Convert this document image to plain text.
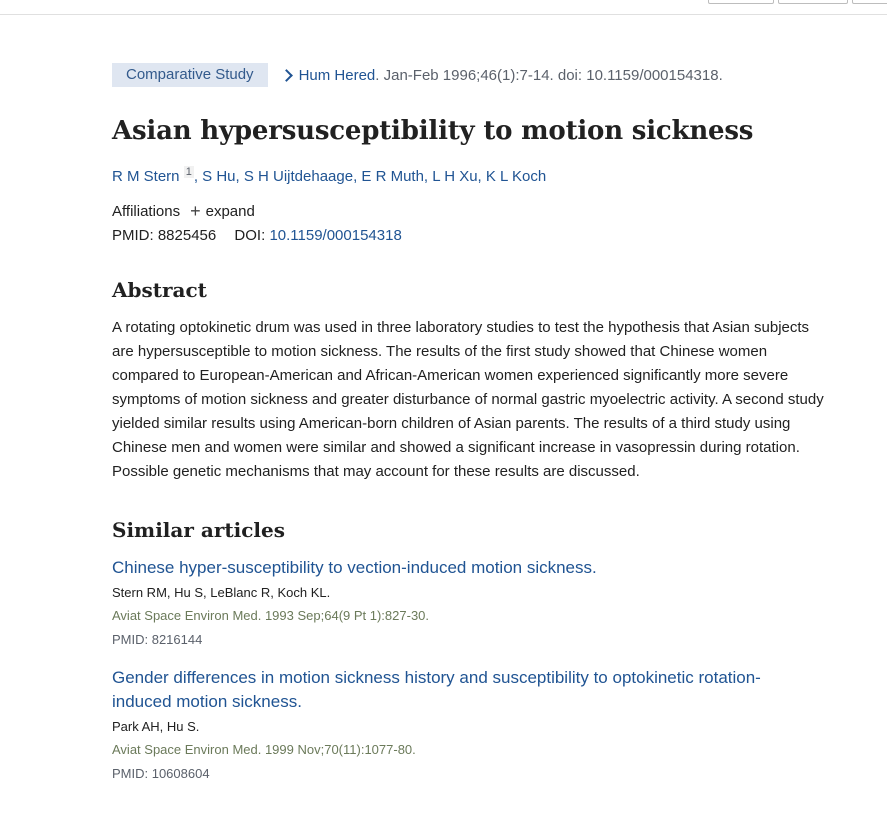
Comparative Study	Hum Hered . Jan-Feb 1996;46(1):7-14. doi: 10.1159/000154318.
Asian hypersusceptibility to motion sickness
R M Stern $^1$ , S Hu, S H Uijtdehaage, E R Muth, L H Xu, K L Koch
Affiliations + expand
PMID: 8825456 DOI: 10.1159/000154318
Abstract
A rotating optokinetic drum was used in three laboratory studies to test the hypothesis that Asian subjects are hypersusceptible to motion sickness. The results of the first study showed that Chinese women compared to European-American and African-American women experienced significantly more severe symptoms of motion sickness and greater disturbance of normal gastric myoelectric activity. A second study yielded similar results using American-born children of Asian parents. The results of a third study using Chinese men and women were similar and showed a significant increase in vasopressin during rotation. Possible genetic mechanisms that may account for these results are discussed.
Similar articles
Chinese hyper-susceptibility to vection-induced motion sickness.
Stern RM, Hu S, LeBlanc R, Koch KL.
Aviat Space Environ Med. 1993 Sep;64(9 Pt 1):827-30.
PMID: 8216144
Gender differences in motion sickness history and susceptibility to optokinetic rotation-induced motion sickness.
Park AH, Hu S.
Aviat Space Environ Med. 1999 Nov;70(11):1077-80.
PMID: 10608604
